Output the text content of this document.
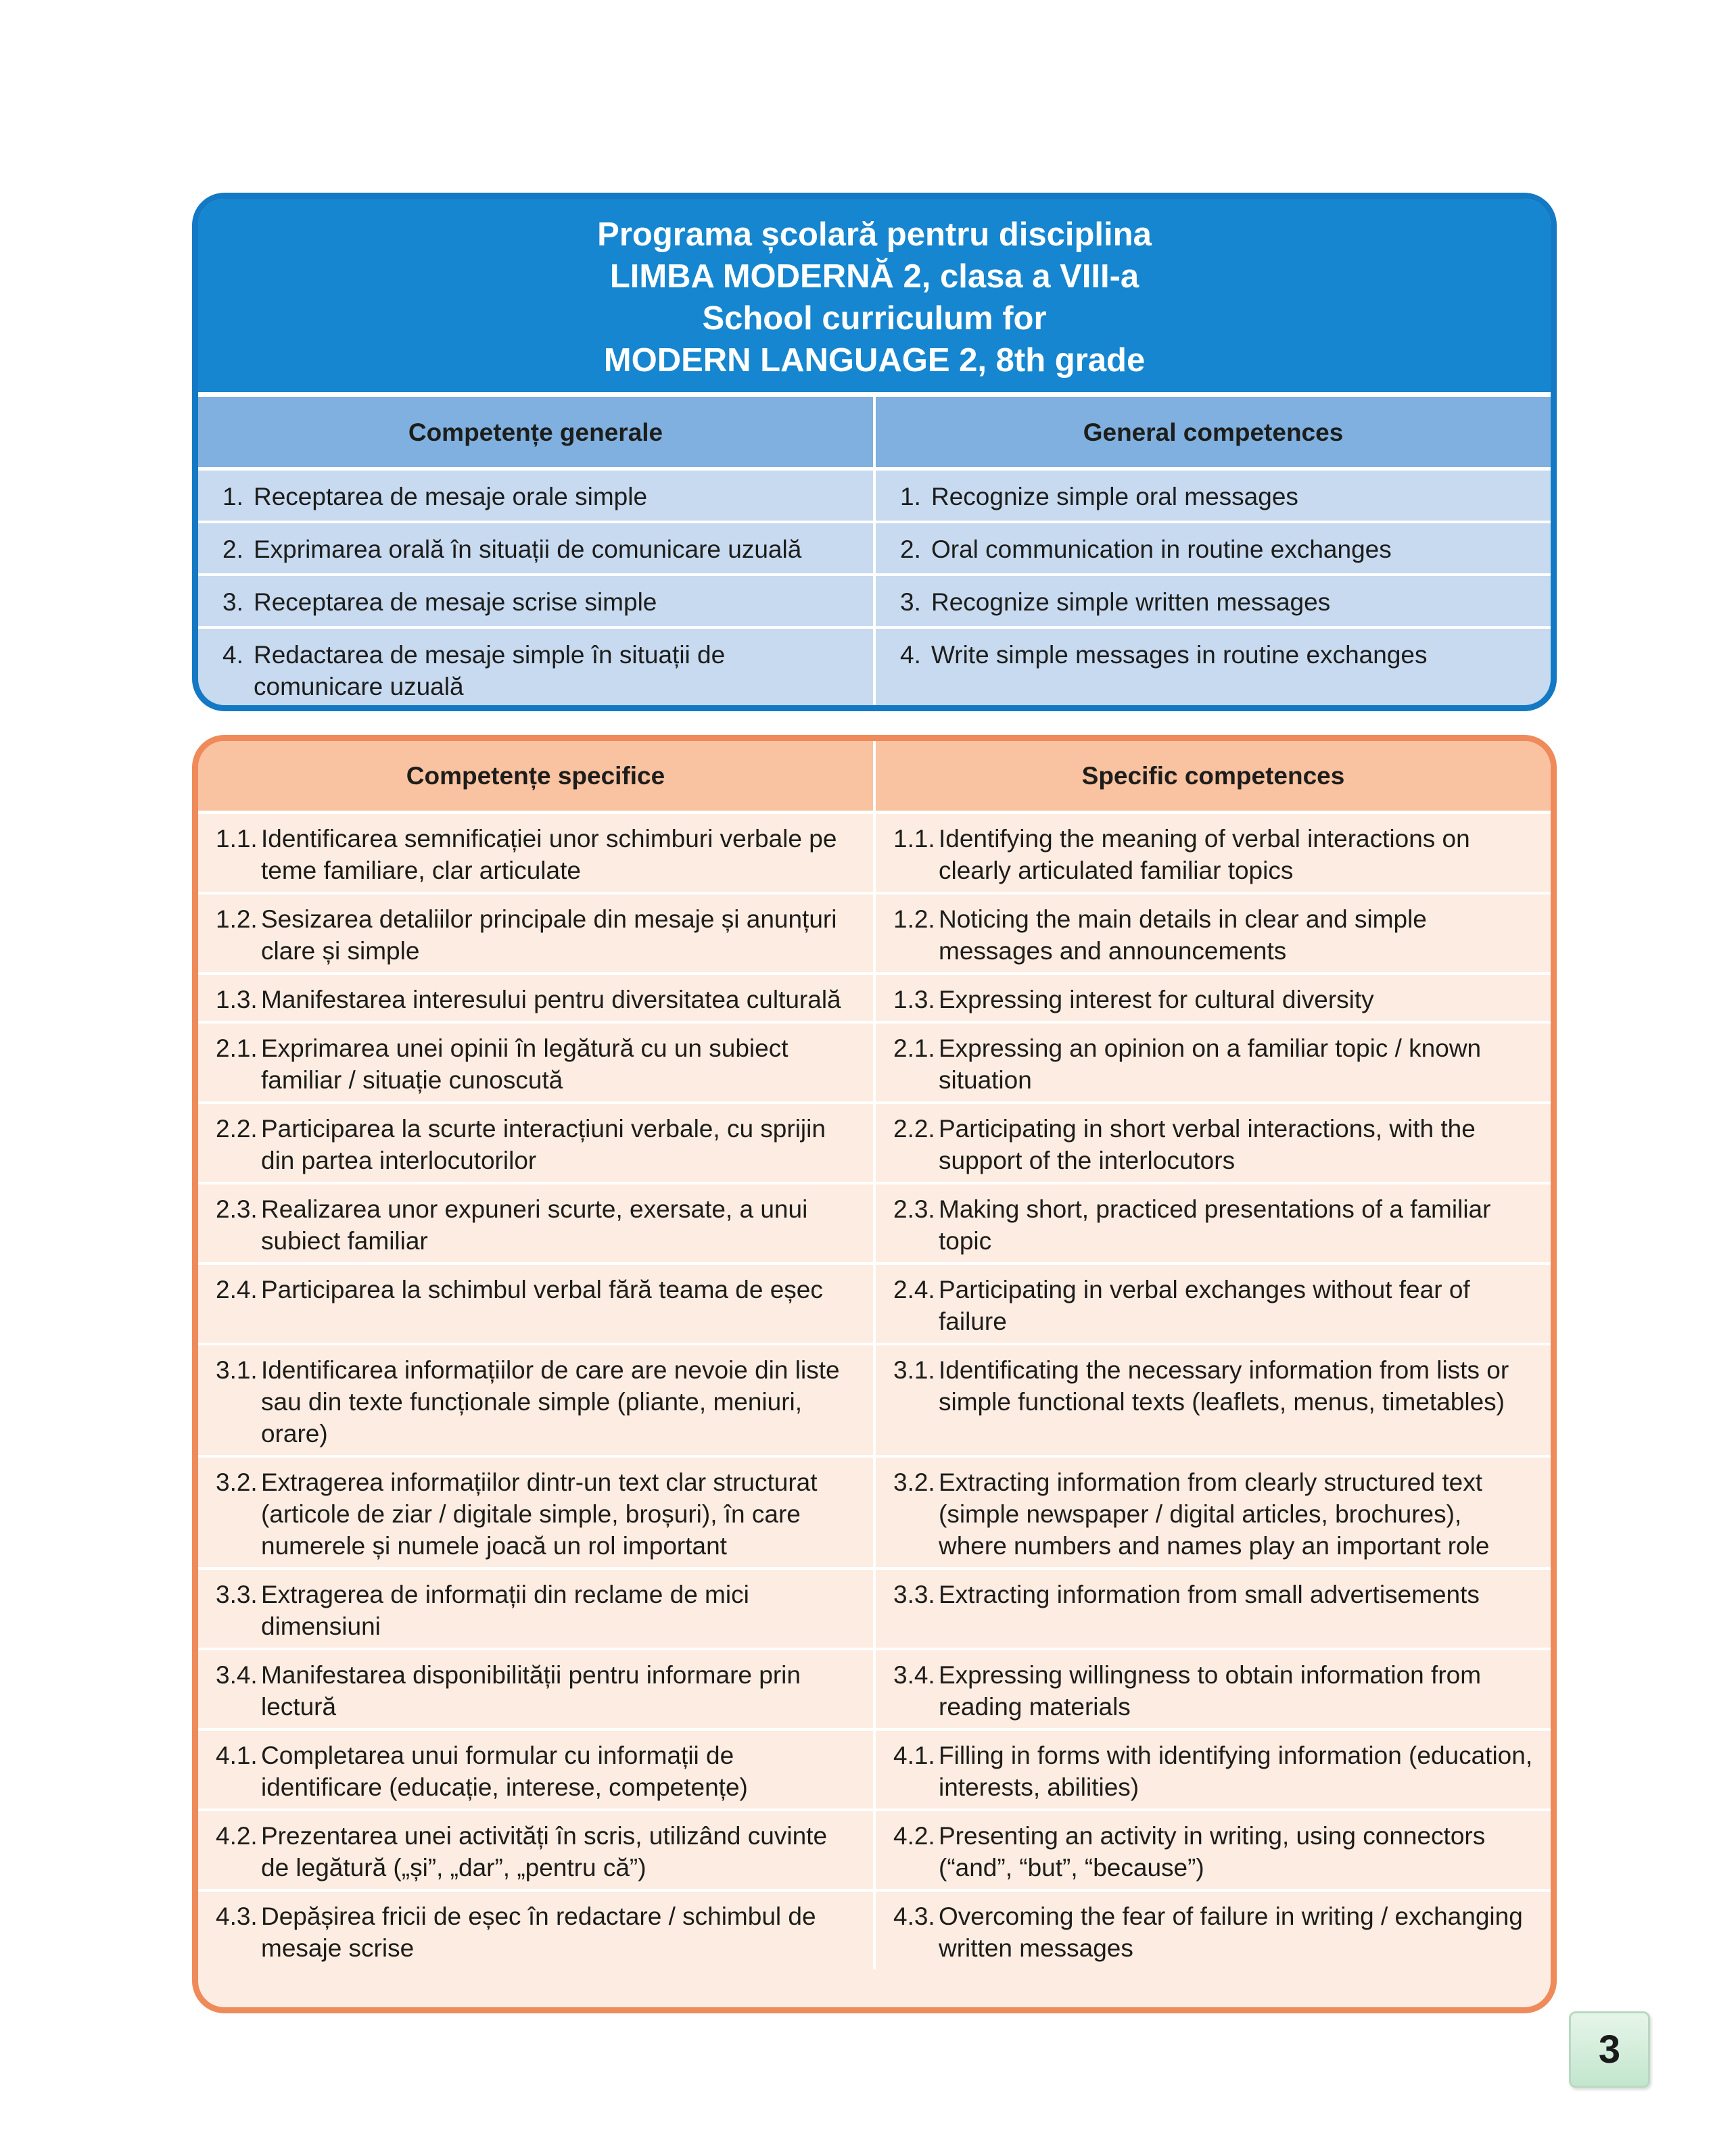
Programa școlară pentru disciplina
LIMBA MODERNĂ 2, clasa a VIII-a
School curriculum for
MODERN LANGUAGE 2, 8th grade
Competențe generale	General competences
1. Receptarea de mesaje orale simple	1. Recognize simple oral messages
2. Exprimarea orală în situații de comunicare uzuală	2. Oral communication in routine exchanges
3. Receptarea de mesaje scrise simple	3. Recognize simple written messages
4. Redactarea de mesaje simple în situații de comunicare uzuală	4. Write simple messages in routine exchanges
Competențe specifice	Specific competences
1.1. Identificarea semnificației unor schimburi verbale pe teme familiare, clar articulate	1.1. Identifying the meaning of verbal interactions on clearly articulated familiar topics
1.2. Sesizarea detaliilor principale din mesaje și anunțuri clare și simple	1.2. Noticing the main details in clear and simple messages and announcements
1.3. Manifestarea interesului pentru diversitatea culturală	1.3. Expressing interest for cultural diversity
2.1. Exprimarea unei opinii în legătură cu un subiect familiar / situație cunoscută	2.1. Expressing an opinion on a familiar topic / known situation
2.2. Participarea la scurte interacțiuni verbale, cu sprijin din partea interlocutorilor	2.2. Participating in short verbal interactions, with the support of the interlocutors
2.3. Realizarea unor expuneri scurte, exersate, a unui subiect familiar	2.3. Making short, practiced presentations of a familiar topic
2.4. Participarea la schimbul verbal fără teama de eșec	2.4. Participating in verbal exchanges without fear of failure
3.1. Identificarea informațiilor de care are nevoie din liste sau din texte funcționale simple (pliante, meniuri, orare)	3.1. Identificating the necessary information from lists or simple functional texts (leaflets, menus, timetables)
3.2. Extragerea informațiilor dintr-un text clar structurat (articole de ziar / digitale simple, broșuri), în care numerele și numele joacă un rol important	3.2. Extracting information from clearly structured text (simple newspaper / digital articles, brochures), where numbers and names play an important role
3.3. Extragerea de informații din reclame de mici dimensiuni	3.3. Extracting information from small advertisements
3.4. Manifestarea disponibilității pentru informare prin lectură	3.4. Expressing willingness to obtain information from reading materials
4.1. Completarea unui formular cu informații de identificare (educație, interese, competențe)	4.1. Filling in forms with identifying information (education, interests, abilities)
4.2. Prezentarea unei activități în scris, utilizând cuvinte de legătură („și”, „dar”, „pentru că”)	4.2. Presenting an activity in writing, using connectors (“and”, “but”, “because”)
4.3. Depășirea fricii de eșec în redactare / schimbul de mesaje scrise	4.3. Overcoming the fear of failure in writing / exchanging written messages
3
